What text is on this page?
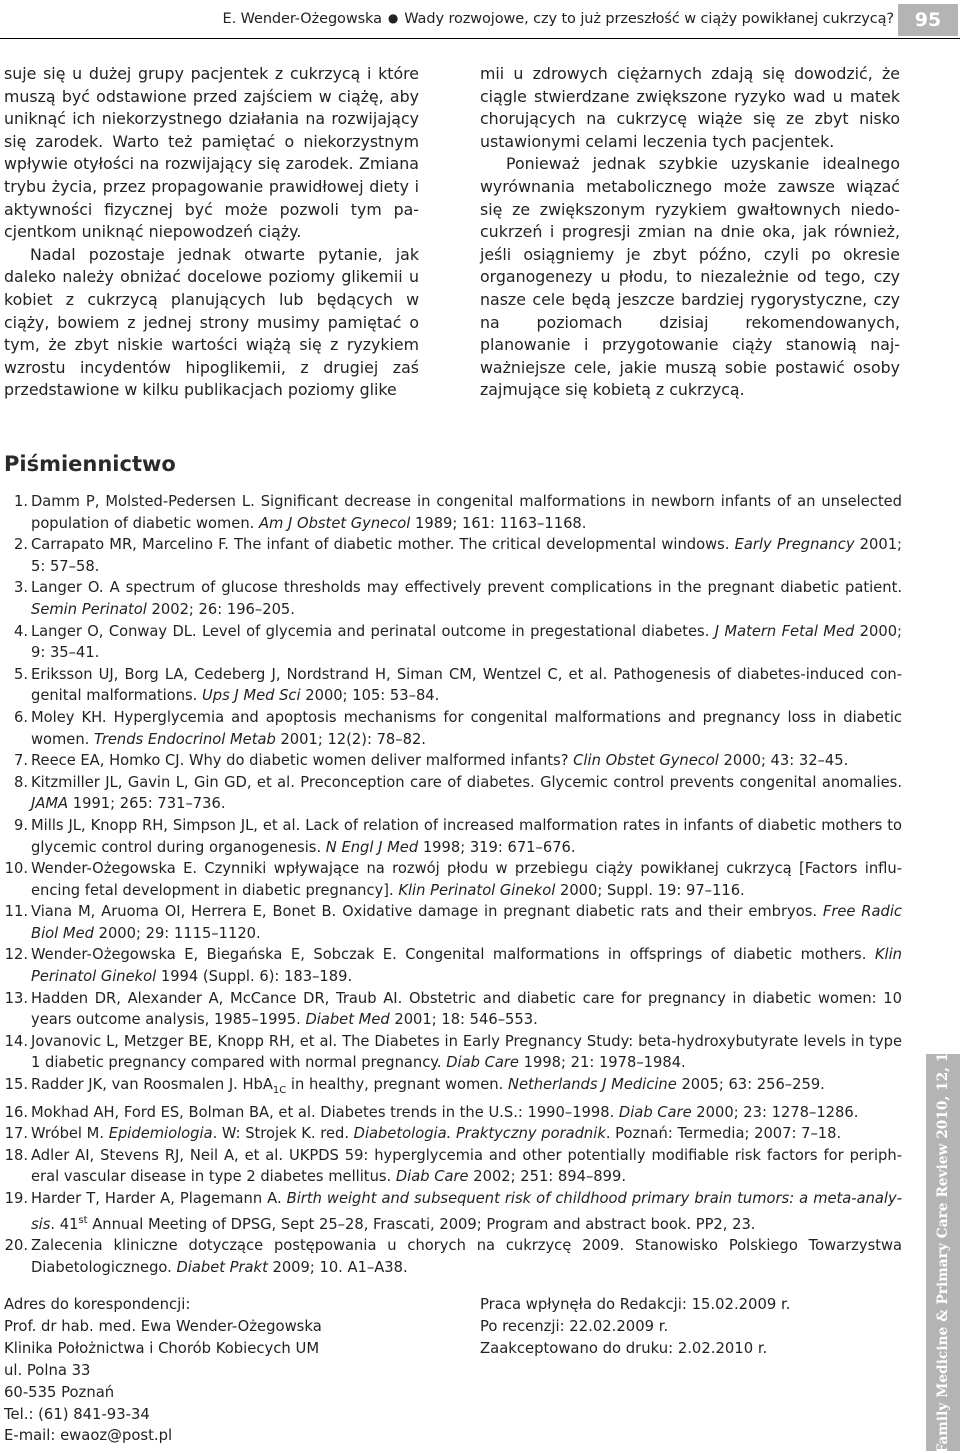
E. Wender-Ożegowska ● Wady rozwojowe, czy to już przeszłość w ciąży powikłanej cukrzycą?	95

suje się u dużej grupy pacjentek z cukrzycą i które muszą być odstawione przed zajściem w ciążę, aby uniknąć ich niekorzystnego działania na rozwijający się zarodek. Warto też pamiętać o niekorzystnym wpływie otyłości na rozwijający się zarodek. Zmiana trybu życia, przez propagowanie prawidłowej diety i aktywności fizycznej być może pozwoli tym pacjentkom uniknąć niepowodzeń ciąży.

Nadal pozostaje jednak otwarte pytanie, jak daleko należy obniżać docelowe poziomy glikemii u kobiet z cukrzycą planujących lub będących w ciąży, bowiem z jednej strony musimy pamiętać o tym, że zbyt niskie wartości wiążą się z ryzykiem wzrostu incydentów hipoglikemii, z drugiej zaś przedstawione w kilku publikacjach poziomy glike

mii u zdrowych ciężarnych zdają się dowodzić, że ciągle stwierdzane zwiększone ryzyko wad u matek chorujących na cukrzycę wiąże się ze zbyt nisko ustawionymi celami leczenia tych pacjentek.

Ponieważ jednak szybkie uzyskanie idealnego wyrównania metabolicznego może zawsze wiązać się ze zwiększonym ryzykiem gwałtownych niedocukrzeń i progresji zmian na dnie oka, jak również, jeśli osiągniemy je zbyt późno, czyli po okresie organogenezy u płodu, to niezależnie od tego, czy nasze cele będą jeszcze bardziej rygorystyczne, czy na poziomach dzisiaj rekomendowanych, planowanie i przygotowanie ciąży stanowią najważniejsze cele, jakie muszą sobie postawić osoby zajmujące się kobietą z cukrzycą.

Piśmiennictwo
1. Damm P, Molsted-Pedersen L. Significant decrease in congenital malformations in newborn infants of an unselected population of diabetic women. Am J Obstet Gynecol 1989; 161: 1163–1168.
2. Carrapato MR, Marcelino F. The infant of diabetic mother. The critical developmental windows. Early Pregnancy 2001; 5: 57–58.
3. Langer O. A spectrum of glucose thresholds may effectively prevent complications in the pregnant diabetic patient. Semin Perinatol 2002; 26: 196–205.
4. Langer O, Conway DL. Level of glycemia and perinatal outcome in pregestational diabetes. J Matern Fetal Med 2000; 9: 35–41.
5. Eriksson UJ, Borg LA, Cedeberg J, Nordstrand H, Siman CM, Wentzel C, et al. Pathogenesis of diabetes-induced congenital malformations. Ups J Med Sci 2000; 105: 53–84.
6. Moley KH. Hyperglycemia and apoptosis mechanisms for congenital malformations and pregnancy loss in diabetic women. Trends Endocrinol Metab 2001; 12(2): 78–82.
7. Reece EA, Homko CJ. Why do diabetic women deliver malformed infants? Clin Obstet Gynecol 2000; 43: 32–45.
8. Kitzmiller JL, Gavin L, Gin GD, et al. Preconception care of diabetes. Glycemic control prevents congenital anomalies. JAMA 1991; 265: 731–736.
9. Mills JL, Knopp RH, Simpson JL, et al. Lack of relation of increased malformation rates in infants of diabetic mothers to glycemic control during organogenesis. N Engl J Med 1998; 319: 671–676.
10. Wender-Ożegowska E. Czynniki wpływające na rozwój płodu w przebiegu ciąży powikłanej cukrzycą [Factors influencing fetal development in diabetic pregnancy]. Klin Perinatol Ginekol 2000; Suppl. 19: 97–116.
11. Viana M, Aruoma OI, Herrera E, Bonet B. Oxidative damage in pregnant diabetic rats and their embryos. Free Radic Biol Med 2000; 29: 1115–1120.
12. Wender-Ożegowska E, Biegańska E, Sobczak E. Congenital malformations in offsprings of diabetic mothers. Klin Perinatol Ginekol 1994 (Suppl. 6): 183–189.
13. Hadden DR, Alexander A, McCance DR, Traub AI. Obstetric and diabetic care for pregnancy in diabetic women: 10 years outcome analysis, 1985–1995. Diabet Med 2001; 18: 546–553.
14. Jovanovic L, Metzger BE, Knopp RH, et al. The Diabetes in Early Pregnancy Study: beta-hydroxybutyrate levels in type 1 diabetic pregnancy compared with normal pregnancy. Diab Care 1998; 21: 1978–1984.
15. Radder JK, van Roosmalen J. HbA$_{1C}$ in healthy, pregnant women. Netherlands J Medicine 2005; 63: 256–259.
16. Mokhad AH, Ford ES, Bolman BA, et al. Diabetes trends in the U.S.: 1990–1998. Diab Care 2000; 23: 1278–1286.
17. Wróbel M. Epidemiologia. W: Strojek K. red. Diabetologia. Praktyczny poradnik. Poznań: Termedia; 2007: 7–18.
18. Adler AI, Stevens RJ, Neil A, et al. UKPDS 59: hyperglycemia and other potentially modifiable risk factors for peripheral vascular disease in type 2 diabetes mellitus. Diab Care 2002; 251: 894–899.
19. Harder T, Harder A, Plagemann A. Birth weight and subsequent risk of childhood primary brain tumors: a meta-analysis. 41st Annual Meeting of DPSG, Sept 25–28, Frascati, 2009; Program and abstract book. PP2, 23.
20. Zalecenia kliniczne dotyczące postępowania u chorych na cukrzycę 2009. Stanowisko Polskiego Towarzystwa Diabetologicznego. Diabet Prakt 2009; 10. A1–A38.
Adres do korespondencji:
Prof. dr hab. med. Ewa Wender-Ożegowska
Klinika Położnictwa i Chorób Kobiecych UM
ul. Polna 33
60-535 Poznań
Tel.: (61) 841-93-34
E-mail: ewaoz@post.pl
Praca wpłynęła do Redakcji: 15.02.2009 r.
Po recenzji: 22.02.2009 r.
Zaakceptowano do druku: 2.02.2010 r.	Family Medicine & Primary Care Review 2010, 12, 1
